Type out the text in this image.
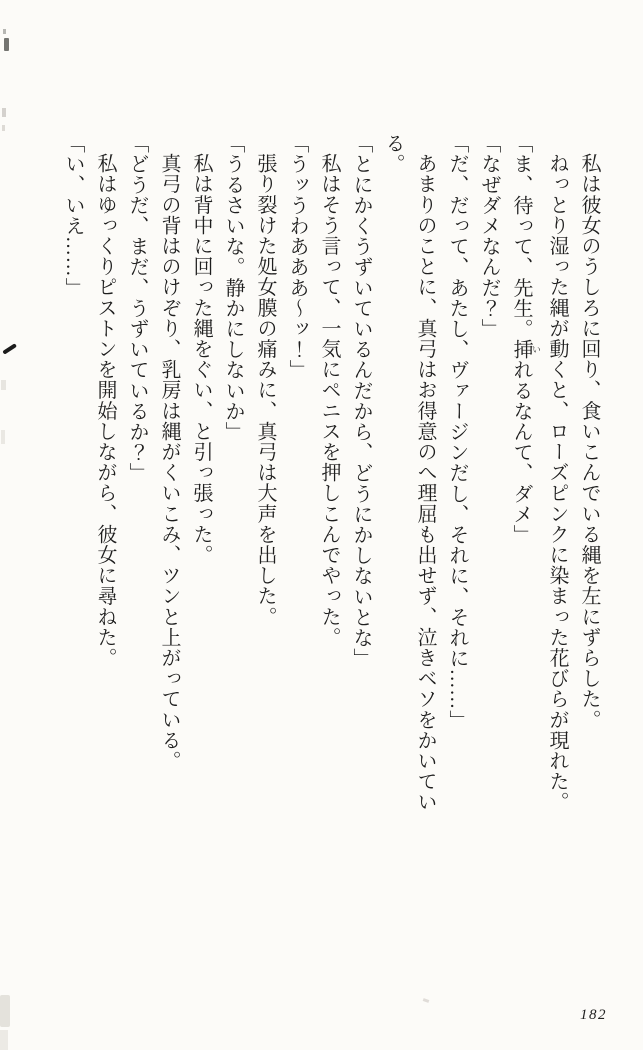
私は彼女のうしろに回り、食いこんでいる縄を左にずらした。

ねっとり湿った縄が動くと、ローズピンクに染まった花びらが現れた。

「ま、待って、先生。挿 いれるなんて、ダメ」

「なぜダメなんだ？」

「だ、だって、あたし、ヴァージンだし、それに、それに……」

あまりのことに、真弓はお得意のへ理屈も出せず、泣きベソをかいている。

「とにかくうずいているんだから、どうにかしないとな」

私はそう言って、一気にペニスを押しこんでやった。

「うッうわあああ〜ッ！」

張り裂けた処女膜の痛みに、真弓は大声を出した。

「うるさいな。静かにしないか」

私は背中に回った縄をぐい、と引っ張った。

真弓の背はのけぞり、乳房は縄がくいこみ、ツンと上がっている。

「どうだ、まだ、うずいているか？」

私はゆっくりピストンを開始しながら、彼女に尋ねた。

「い、いえ……」

182
